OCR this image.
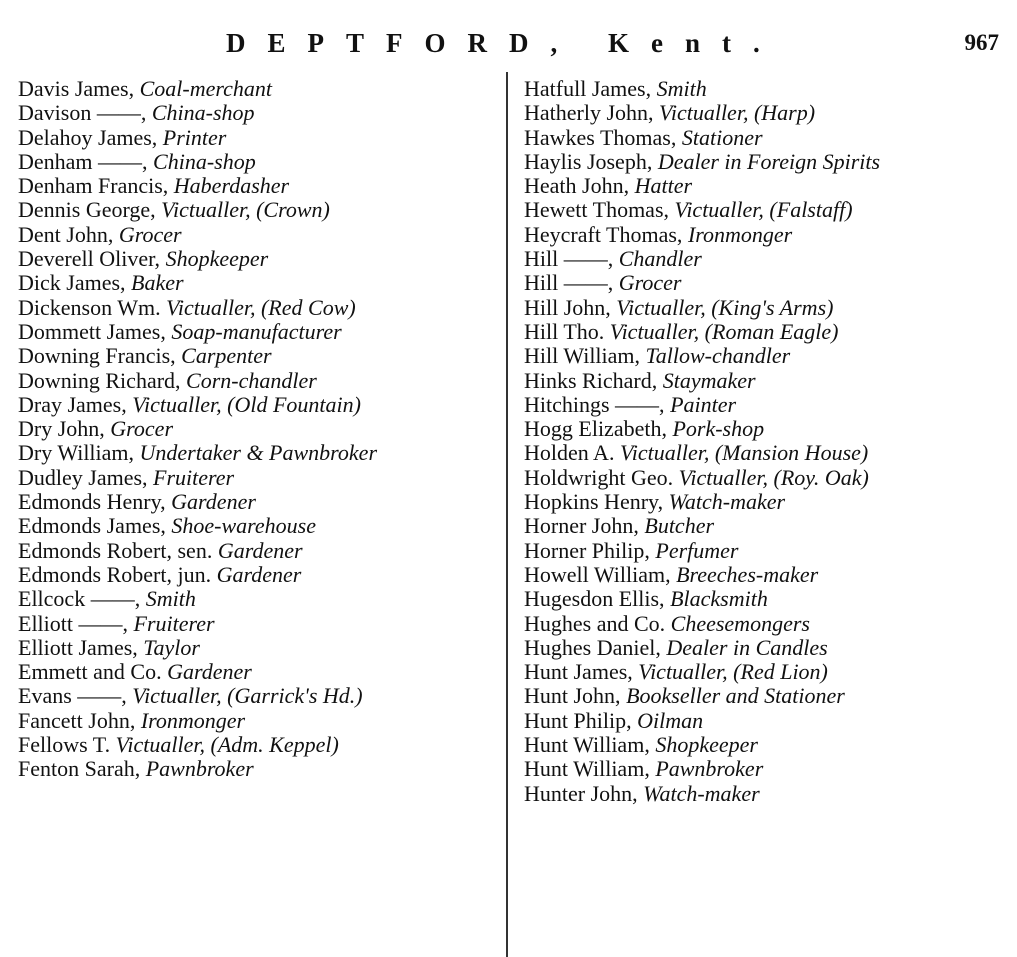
DEPTFORD, Kent.	967
Davis James, Coal-merchant
Davison ——, China-shop
Delahoy James, Printer
Denham ——, China-shop
Denham Francis, Haberdasher
Dennis George, Victualler, (Crown)
Dent John, Grocer
Deverell Oliver, Shopkeeper
Dick James, Baker
Dickenson Wm. Victualler, (Red Cow)
Dommett James, Soap-manufacturer
Downing Francis, Carpenter
Downing Richard, Corn-chandler
Dray James, Victualler, (Old Fountain)
Dry John, Grocer
Dry William, Undertaker & Pawnbroker
Dudley James, Fruiterer
Edmonds Henry, Gardener
Edmonds James, Shoe-warehouse
Edmonds Robert, sen. Gardener
Edmonds Robert, jun. Gardener
Ellcock ——, Smith
Elliott ——, Fruiterer
Elliott James, Taylor
Emmett and Co. Gardener
Evans ——, Victualler, (Garrick's Hd.)
Fancett John, Ironmonger
Fellows T. Victualler, (Adm. Keppel)
Fenton Sarah, Pawnbroker
Hatfull James, Smith
Hatherly John, Victualler, (Harp)
Hawkes Thomas, Stationer
Haylis Joseph, Dealer in Foreign Spirits
Heath John, Hatter
Hewett Thomas, Victualler, (Falstaff)
Heycraft Thomas, Ironmonger
Hill ——, Chandler
Hill ——, Grocer
Hill John, Victualler, (King's Arms)
Hill Tho. Victualler, (Roman Eagle)
Hill William, Tallow-chandler
Hinks Richard, Staymaker
Hitchings ——, Painter
Hogg Elizabeth, Pork-shop
Holden A. Victualler, (Mansion House)
Holdwright Geo. Victualler, (Roy. Oak)
Hopkins Henry, Watch-maker
Horner John, Butcher
Horner Philip, Perfumer
Howell William, Breeches-maker
Hugesdon Ellis, Blacksmith
Hughes and Co. Cheesemongers
Hughes Daniel, Dealer in Candles
Hunt James, Victualler, (Red Lion)
Hunt John, Bookseller and Stationer
Hunt Philip, Oilman
Hunt William, Shopkeeper
Hunt William, Pawnbroker
Hunter John, Watch-maker
